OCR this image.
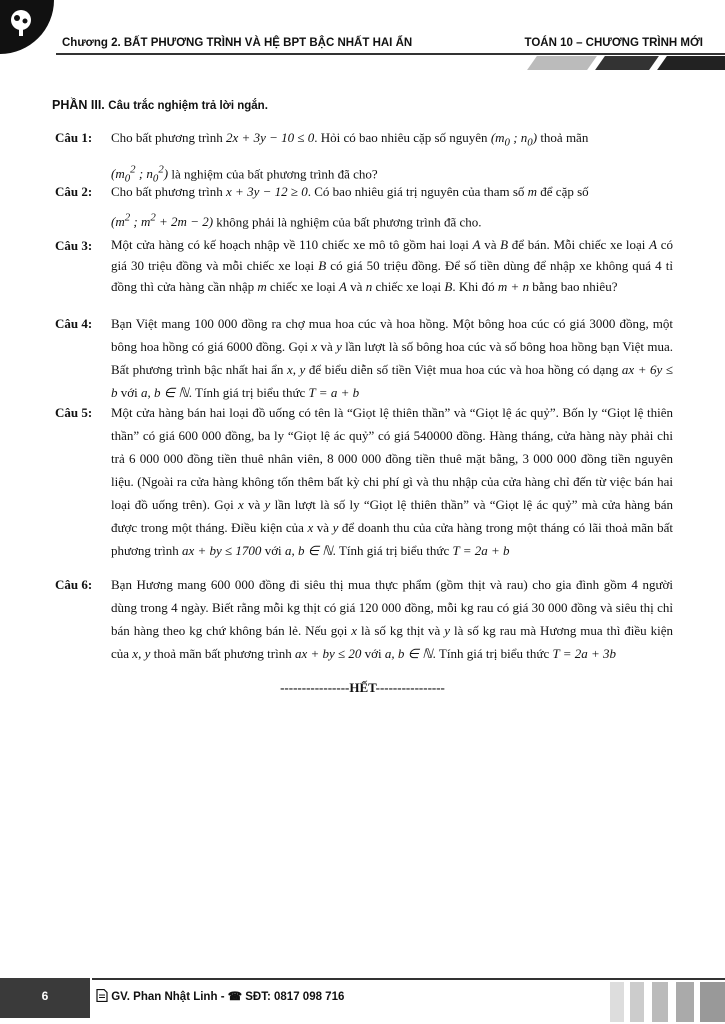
Chương 2. BẤT PHƯƠNG TRÌNH VÀ HỆ BPT BẬC NHẤT HAI ẨN	TOÁN 10 – CHƯƠNG TRÌNH MỚI
PHẦN III. Câu trắc nghiệm trả lời ngắn.
Câu 1: Cho bất phương trình 2x + 3y − 10 ≤ 0. Hỏi có bao nhiêu cặp số nguyên ($m_0$ ; $n_0$) thoả mãn

($m_0^2$ ; $n_0^2$) là nghiệm của bất phương trình đã cho?

Câu 2: Cho bất phương trình x + 3y − 12 ≥ 0. Có bao nhiêu giá trị nguyên của tham số m để cặp số

($m^2$ ; $m^2 + 2m - 2$) không phải là nghiệm của bất phương trình đã cho.

Câu 3: Một cửa hàng có kế hoạch nhập về 110 chiếc xe mô tô gồm hai loại A và B để bán. Mỗi chiếc xe loại A có giá 30 triệu đồng và mỗi chiếc xe loại B có giá 50 triệu đồng. Để số tiền dùng để nhập xe không quá 4 tỉ đồng thì cửa hàng cần nhập m chiếc xe loại A và n chiếc xe loại B. Khi đó m + n bằng bao nhiêu?

Câu 4: Bạn Việt mang 100 000 đồng ra chợ mua hoa cúc và hoa hồng. Một bông hoa cúc có giá 3000 đồng, một bông hoa hồng có giá 6000 đồng. Gọi x và y lần lượt là số bông hoa cúc và số bông hoa hồng bạn Việt mua. Bất phương trình bậc nhất hai ẩn x, y để biểu diễn số tiền Việt mua hoa cúc và hoa hồng có dạng ax + 6y ≤ b với a, b ∈ ℕ. Tính giá trị biểu thức T = a + b

Câu 5: Một cửa hàng bán hai loại đồ uống có tên là “Giọt lệ thiên thần” và “Giọt lệ ác quỷ”. Bốn ly “Giọt lệ thiên thần” có giá 600 000 đồng, ba ly “Giọt lệ ác quỷ” có giá 540000 đồng. Hàng tháng, cửa hàng này phải chi trả 6 000 000 đồng tiền thuê nhân viên, 8 000 000 đồng tiền thuê mặt bằng, 3 000 000 đồng tiền nguyên liệu. (Ngoài ra cửa hàng không tốn thêm bất kỳ chi phí gì và thu nhập của cửa hàng chỉ đến từ việc bán hai loại đồ uống trên). Gọi x và y lần lượt là số ly “Giọt lệ thiên thần” và “Giọt lệ ác quỷ” mà cửa hàng bán được trong một tháng. Điều kiện của x và y để doanh thu của cửa hàng trong một tháng có lãi thoả mãn bất phương trình ax + by ≤ 1700 với a, b ∈ ℕ. Tính giá trị biểu thức T = 2a + b

Câu 6: Bạn Hương mang 600 000 đồng đi siêu thị mua thực phẩm (gồm thịt và rau) cho gia đình gồm 4 người dùng trong 4 ngày. Biết rằng mỗi kg thịt có giá 120 000 đồng, mỗi kg rau có giá 30 000 đồng và siêu thị chỉ bán hàng theo kg chứ không bán lẻ. Nếu gọi x là số kg thịt và y là số kg rau mà Hương mua thì điều kiện của x, y thoả mãn bất phương trình ax + by ≤ 20 với a, b ∈ ℕ. Tính giá trị biểu thức T = 2a + 3b

----------------HẾT----------------
6	GV. Phan Nhật Linh - ☎ SĐT: 0817 098 716
